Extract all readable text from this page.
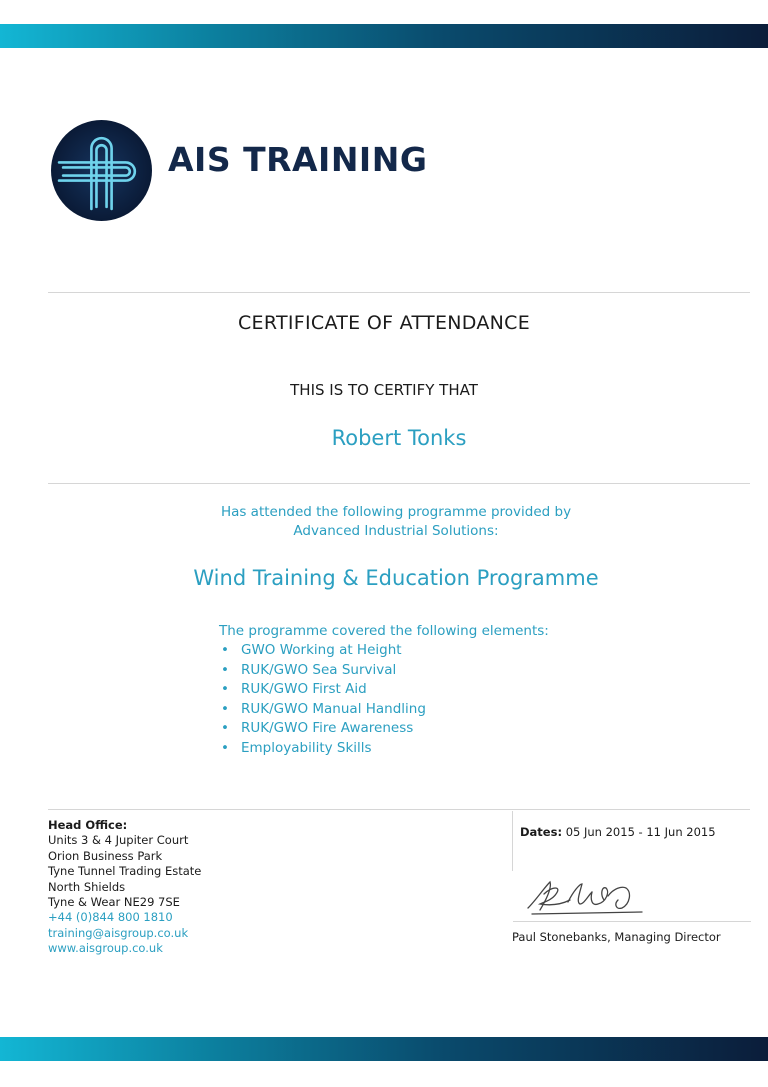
AIS TRAINING
CERTIFICATE OF ATTENDANCE
THIS IS TO CERTIFY THAT
Robert Tonks
Has attended the following programme provided by
Advanced Industrial Solutions:
Wind Training & Education Programme
The programme covered the following elements:
• GWO Working at Height
• RUK/GWO Sea Survival
• RUK/GWO First Aid
• RUK/GWO Manual Handling
• RUK/GWO Fire Awareness
• Employability Skills
Head Office:
Units 3 & 4 Jupiter Court
Orion Business Park
Tyne Tunnel Trading Estate
North Shields
Tyne & Wear NE29 7SE
+44 (0)844 800 1810
training@aisgroup.co.uk
www.aisgroup.co.uk
Dates: 05 Jun 2015 - 11 Jun 2015
Paul Stonebanks, Managing Director
